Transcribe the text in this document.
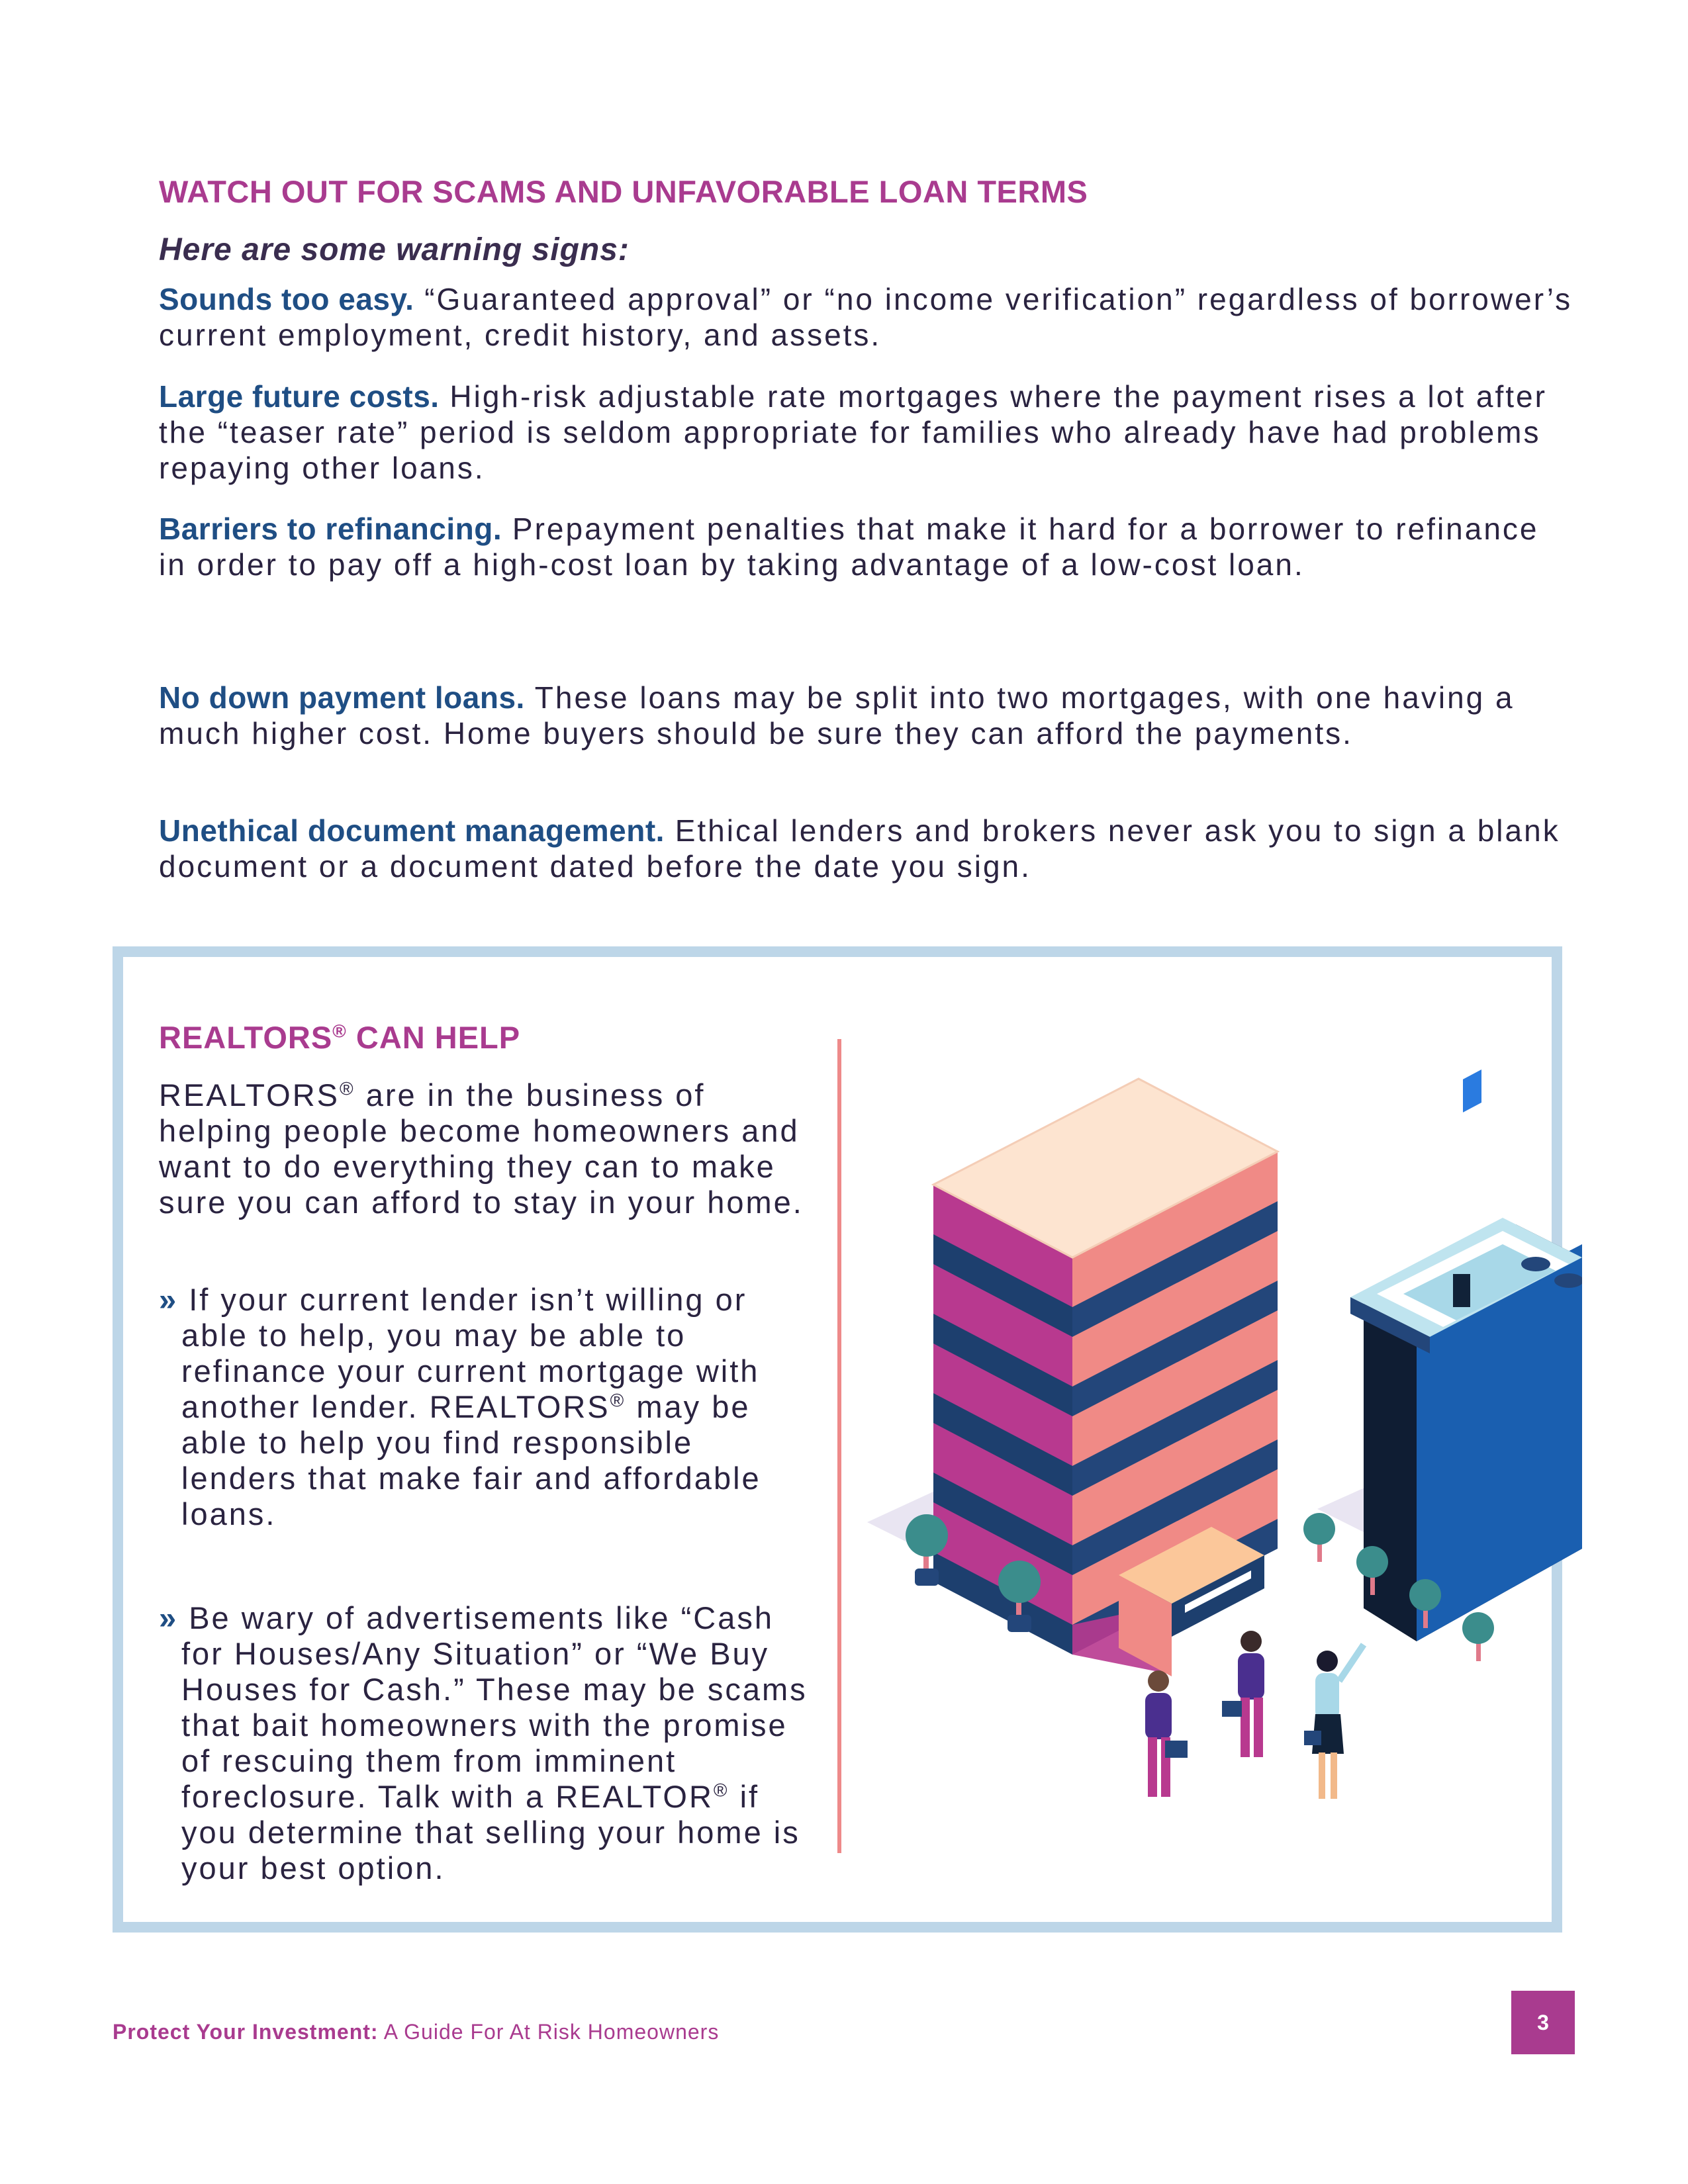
WATCH OUT FOR SCAMS AND UNFAVORABLE LOAN TERMS
Here are some warning signs:
Sounds too easy. “Guaranteed approval” or “no income verification” regardless of borrower’s current employment, credit history, and assets.
Large future costs. High-risk adjustable rate mortgages where the payment rises a lot after the “teaser rate” period is seldom appropriate for families who already have had problems repaying other loans.
Barriers to refinancing. Prepayment penalties that make it hard for a borrower to refinance in order to pay off a high-cost loan by taking advantage of a low-cost loan.
No down payment loans. These loans may be split into two mortgages, with one having a much higher cost. Home buyers should be sure they can afford the payments.
Unethical document management. Ethical lenders and brokers never ask you to sign a blank document or a document dated before the date you sign.
REALTORS® CAN HELP
REALTORS® are in the business of helping people become homeowners and want to do everything they can to make sure you can afford to stay in your home.
» If your current lender isn’t willing or able to help, you may be able to refinance your current mortgage with another lender. REALTORS® may be able to help you find responsible lenders that make fair and affordable loans.
» Be wary of advertisements like “Cash for Houses/Any Situation” or “We Buy Houses for Cash.” These may be scams that bait homeowners with the promise of rescuing them from imminent foreclosure. Talk with a REALTOR® if you determine that selling your home is your best option.
Protect Your Investment: A Guide For At Risk Homeowners	3
